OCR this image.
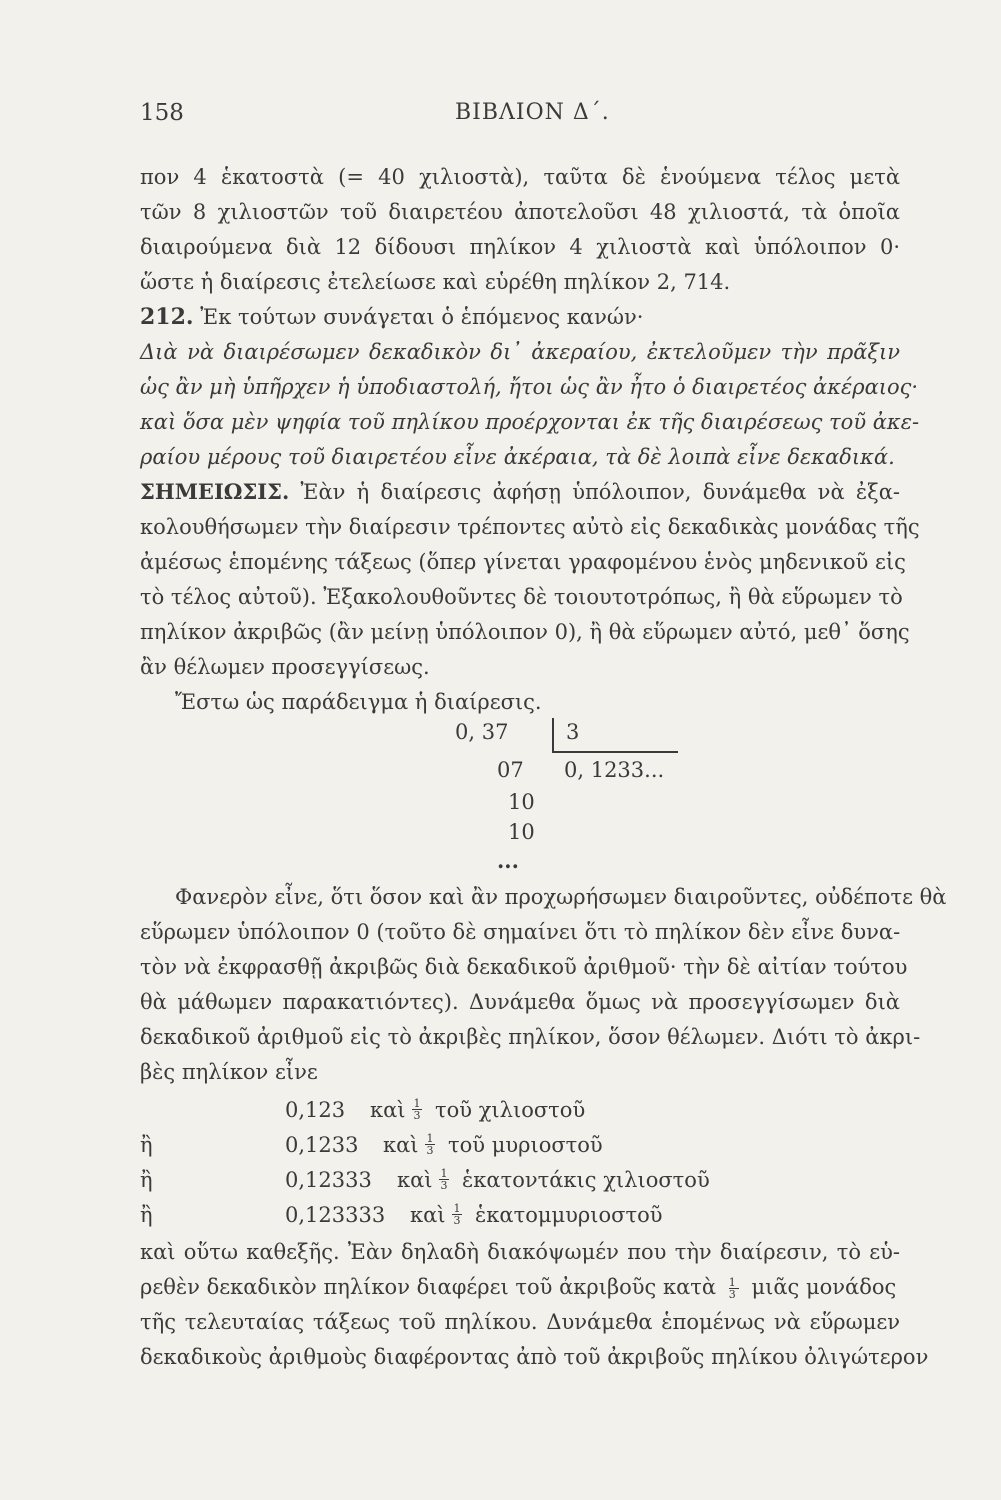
158	ΒΙΒΛΙΟΝ Δ΄.
πον 4 ἑκατοστὰ (= 40 χιλιοστὰ), ταῦτα δὲ ἑνούμενα τέλος μετὰ
τῶν 8 χιλιοστῶν τοῦ διαιρετέου ἀποτελοῦσι 48 χιλιοστά, τὰ ὁποῖα
διαιρούμενα διὰ 12 δίδουσι πηλίκον 4 χιλιοστὰ καὶ ὑπόλοιπον 0·
ὥστε ἡ διαίρεσις ἐτελείωσε καὶ εὑρέθη πηλίκον 2, 714.
212. Ἐκ τούτων συνάγεται ὁ ἑπόμενος κανών·
Διὰ νὰ διαιρέσωμεν δεκαδικὸν δι᾽ ἀκεραίου, ἐκτελοῦμεν τὴν πρᾶξιν
ὡς ἂν μὴ ὑπῆρχεν ἡ ὑποδιαστολή, ἤτοι ὡς ἂν ἦτο ὁ διαιρετέος ἀκέραιος·
καὶ ὅσα μὲν ψηφία τοῦ πηλίκου προέρχονται ἐκ τῆς διαιρέσεως τοῦ ἀκε-
ραίου μέρους τοῦ διαιρετέου εἶνε ἀκέραια, τὰ δὲ λοιπὰ εἶνε δεκαδικά.
ΣΗΜΕΙΩΣΙΣ. Ἐὰν ἡ διαίρεσις ἀφήσῃ ὑπόλοιπον, δυνάμεθα νὰ ἐξα-
κολουθήσωμεν τὴν διαίρεσιν τρέποντες αὐτὸ εἰς δεκαδικὰς μονάδας τῆς
ἀμέσως ἑπομένης τάξεως (ὅπερ γίνεται γραφομένου ἑνὸς μηδενικοῦ εἰς
τὸ τέλος αὐτοῦ). Ἐξακολουθοῦντες δὲ τοιουτοτρόπως, ἢ θὰ εὕρωμεν τὸ
πηλίκον ἀκριβῶς (ἂν μείνῃ ὑπόλοιπον 0), ἢ θὰ εὕρωμεν αὐτό, μεθ᾽ ὅσης
ἂν θέλωμεν προσεγγίσεως.
Ἔστω ὡς παράδειγμα ἡ διαίρεσις.
0, 37	3
07 0, 1233...
10
10
...
Φανερὸν εἶνε, ὅτι ὅσον καὶ ἂν προχωρήσωμεν διαιροῦντες, οὐδέποτε θὰ
εὕρωμεν ὑπόλοιπον 0 (τοῦτο δὲ σημαίνει ὅτι τὸ πηλίκον δὲν εἶνε δυνα-
τὸν νὰ ἐκφρασθῇ ἀκριβῶς διὰ δεκαδικοῦ ἀριθμοῦ· τὴν δὲ αἰτίαν τούτου
θὰ μάθωμεν παρακατιόντες). Δυνάμεθα ὅμως νὰ προσεγγίσωμεν διὰ
δεκαδικοῦ ἀριθμοῦ εἰς τὸ ἀκριβὲς πηλίκον, ὅσον θέλωμεν. Διότι τὸ ἀκρι-
βὲς πηλίκον εἶνε
0,123 καὶ $\frac{1}{3}$ τοῦ χιλιοστοῦ
ἢ	0,1233 καὶ $\frac{1}{3}$ τοῦ μυριοστοῦ
ἢ	0,12333 καὶ $\frac{1}{3}$ ἑκατοντάκις χιλιοστοῦ
ἢ	0,123333 καὶ $\frac{1}{3}$ ἑκατομμυριοστοῦ
καὶ οὕτω καθεξῆς. Ἐὰν δηλαδὴ διακόψωμέν που τὴν διαίρεσιν, τὸ εὑ-
ρεθὲν δεκαδικὸν πηλίκον διαφέρει τοῦ ἀκριβοῦς κατὰ $\frac{1}{3}$ μιᾶς μονάδος
τῆς τελευταίας τάξεως τοῦ πηλίκου. Δυνάμεθα ἑπομένως νὰ εὕρωμεν
δεκαδικοὺς ἀριθμοὺς διαφέροντας ἀπὸ τοῦ ἀκριβοῦς πηλίκου ὀλιγώτερον
